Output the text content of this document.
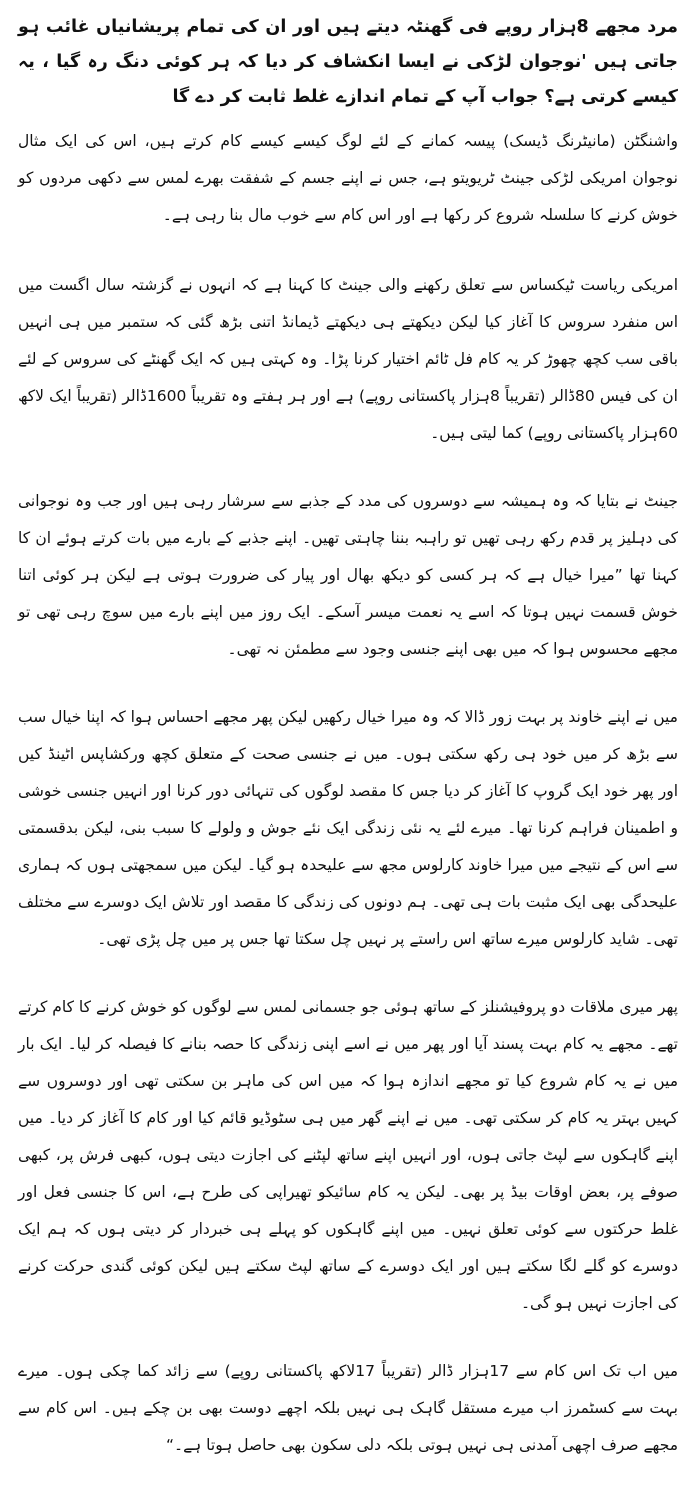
مرد مجھے 8ہزار روپے فی گھنٹہ دیتے ہیں اور ان کی تمام پریشانیاں غائب ہو جاتی ہیں 'نوجوان لڑکی نے ایسا انکشاف کر دیا کہ ہر کوئی دنگ رہ گیا ، یہ کیسے کرتی ہے؟ جواب آپ کے تمام اندازے غلط ثابت کر دے گا

واشنگٹن (مانیٹرنگ ڈیسک) پیسہ کمانے کے لئے لوگ کیسے کیسے کام کرتے ہیں، اس کی ایک مثال نوجوان امریکی لڑکی جینٹ ٹریویتو ہے، جس نے اپنے جسم کے شفقت بھرے لمس سے دکھی مردوں کو خوش کرنے کا سلسلہ شروع کر رکھا ہے اور اس کام سے خوب مال بنا رہی ہے۔

امریکی ریاست ٹیکساس سے تعلق رکھنے والی جینٹ کا کہنا ہے کہ انہوں نے گزشتہ سال اگست میں اس منفرد سروس کا آغاز کیا لیکن دیکھتے ہی دیکھتے ڈیمانڈ اتنی بڑھ گئی کہ ستمبر میں ہی انہیں باقی سب کچھ چھوڑ کر یہ کام فل ٹائم اختیار کرنا پڑا۔ وہ کہتی ہیں کہ ایک گھنٹے کی سروس کے لئے ان کی فیس 80ڈالر (تقریباً 8ہزار پاکستانی روپے) ہے اور ہر ہفتے وہ تقریباً 1600ڈالر (تقریباً ایک لاکھ 60ہزار پاکستانی روپے) کما لیتی ہیں۔

جینٹ نے بتایا کہ وہ ہمیشہ سے دوسروں کی مدد کے جذبے سے سرشار رہی ہیں اور جب وہ نوجوانی کی دہلیز پر قدم رکھ رہی تھیں تو راہبہ بننا چاہتی تھیں۔ اپنے جذبے کے بارے میں بات کرتے ہوئے ان کا کہنا تھا ”میرا خیال ہے کہ ہر کسی کو دیکھ بھال اور پیار کی ضرورت ہوتی ہے لیکن ہر کوئی اتنا خوش قسمت نہیں ہوتا کہ اسے یہ نعمت میسر آسکے۔ ایک روز میں اپنے بارے میں سوچ رہی تھی تو مجھے محسوس ہوا کہ میں بھی اپنے جنسی وجود سے مطمئن نہ تھی۔

میں نے اپنے خاوند پر بہت زور ڈالا کہ وہ میرا خیال رکھیں لیکن پھر مجھے احساس ہوا کہ اپنا خیال سب سے بڑھ کر میں خود ہی رکھ سکتی ہوں۔ میں نے جنسی صحت کے متعلق کچھ ورکشاپس اٹینڈ کیں اور پھر خود ایک گروپ کا آغاز کر دیا جس کا مقصد لوگوں کی تنہائی دور کرنا اور انہیں جنسی خوشی و اطمینان فراہم کرنا تھا۔ میرے لئے یہ نئی زندگی ایک نئے جوش و ولولے کا سبب بنی، لیکن بدقسمتی سے اس کے نتیجے میں میرا خاوند کارلوس مجھ سے علیحدہ ہو گیا۔ لیکن میں سمجھتی ہوں کہ ہماری علیحدگی بھی ایک مثبت بات ہی تھی۔ ہم دونوں کی زندگی کا مقصد اور تلاش ایک دوسرے سے مختلف تھی۔ شاید کارلوس میرے ساتھ اس راستے پر نہیں چل سکتا تھا جس پر میں چل پڑی تھی۔

پھر میری ملاقات دو پروفیشنلز کے ساتھ ہوئی جو جسمانی لمس سے لوگوں کو خوش کرنے کا کام کرتے تھے۔ مجھے یہ کام بہت پسند آیا اور پھر میں نے اسے اپنی زندگی کا حصہ بنانے کا فیصلہ کر لیا۔ ایک بار میں نے یہ کام شروع کیا تو مجھے اندازہ ہوا کہ میں اس کی ماہر بن سکتی تھی اور دوسروں سے کہیں بہتر یہ کام کر سکتی تھی۔ میں نے اپنے گھر میں ہی سٹوڈیو قائم کیا اور کام کا آغاز کر دیا۔ میں اپنے گاہکوں سے لپٹ جاتی ہوں، اور انہیں اپنے ساتھ لپٹنے کی اجازت دیتی ہوں، کبھی فرش پر، کبھی صوفے پر، بعض اوقات بیڈ پر بھی۔ لیکن یہ کام سائیکو تھیراپی کی طرح ہے، اس کا جنسی فعل اور غلط حرکتوں سے کوئی تعلق نہیں۔ میں اپنے گاہکوں کو پہلے ہی خبردار کر دیتی ہوں کہ ہم ایک دوسرے کو گلے لگا سکتے ہیں اور ایک دوسرے کے ساتھ لپٹ سکتے ہیں لیکن کوئی گندی حرکت کرنے کی اجازت نہیں ہو گی۔

میں اب تک اس کام سے 17ہزار ڈالر (تقریباً 17لاکھ پاکستانی روپے) سے زائد کما چکی ہوں۔ میرے بہت سے کسٹمرز اب میرے مستقل گاہک ہی نہیں بلکہ اچھے دوست بھی بن چکے ہیں۔ اس کام سے مجھے صرف اچھی آمدنی ہی نہیں ہوتی بلکہ دلی سکون بھی حاصل ہوتا ہے۔“
